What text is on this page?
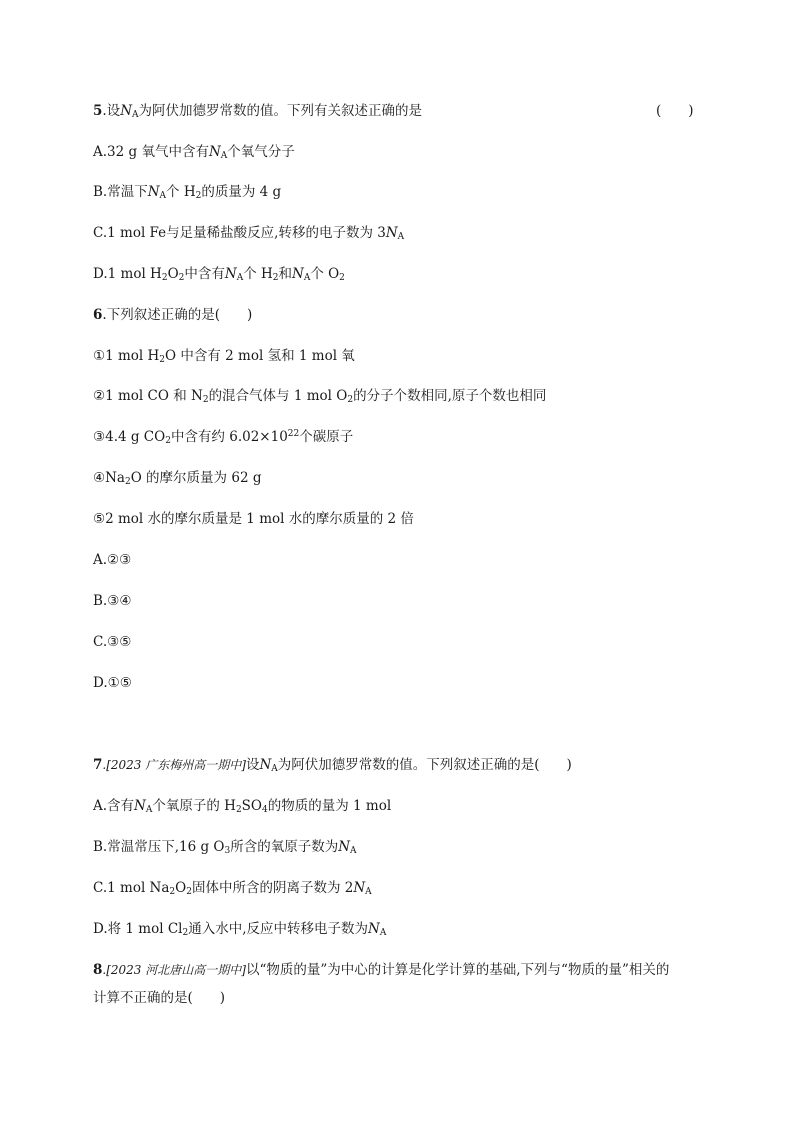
5.设$N_A$为阿伏加德罗常数的值。下列有关叙述正确的是	(　　)
A.32 g 氧气中含有$N_A$个氧气分子
B.常温下$N_A$个 $H_2$的质量为 4 g
C.1 mol Fe与足量稀盐酸反应,转移的电子数为 $3N_A$
D.1 mol $H_2O_2$中含有$N_A$个 $H_2$和$N_A$个 $O_2$
6.下列叙述正确的是(　　)
①1 mol $H_2O$ 中含有 2 mol 氢和 1 mol 氧
②1 mol CO 和 $N_2$的混合气体与 1 mol $O_2$的分子个数相同,原子个数也相同
③4.4 g $CO_2$中含有约 $6.02\times 10^{22}$个碳原子
$④Na_2O$ 的摩尔质量为 62 g
⑤2 mol 水的摩尔质量是 1 mol 水的摩尔质量的 2 倍
A.②③
B.③④
C.③⑤
D.①⑤
7.[2023 广东梅州高一期中]设$N_A$为阿伏加德罗常数的值。下列叙述正确的是(　　)
A.含有$N_A$个氧原子的 $H_2SO_4$的物质的量为 1 mol
B.常温常压下,16 g $O_3$所含的氧原子数为$N_A$
C.1 mol $Na_2O_2$固体中所含的阴离子数为 $2N_A$
D.将 1 mol $Cl_2$通入水中,反应中转移电子数为$N_A$
8.[2023 河北唐山高一期中]以“物质的量”为中心的计算是化学计算的基础,下列与“物质的量”相关的
计算不正确的是(　　)
